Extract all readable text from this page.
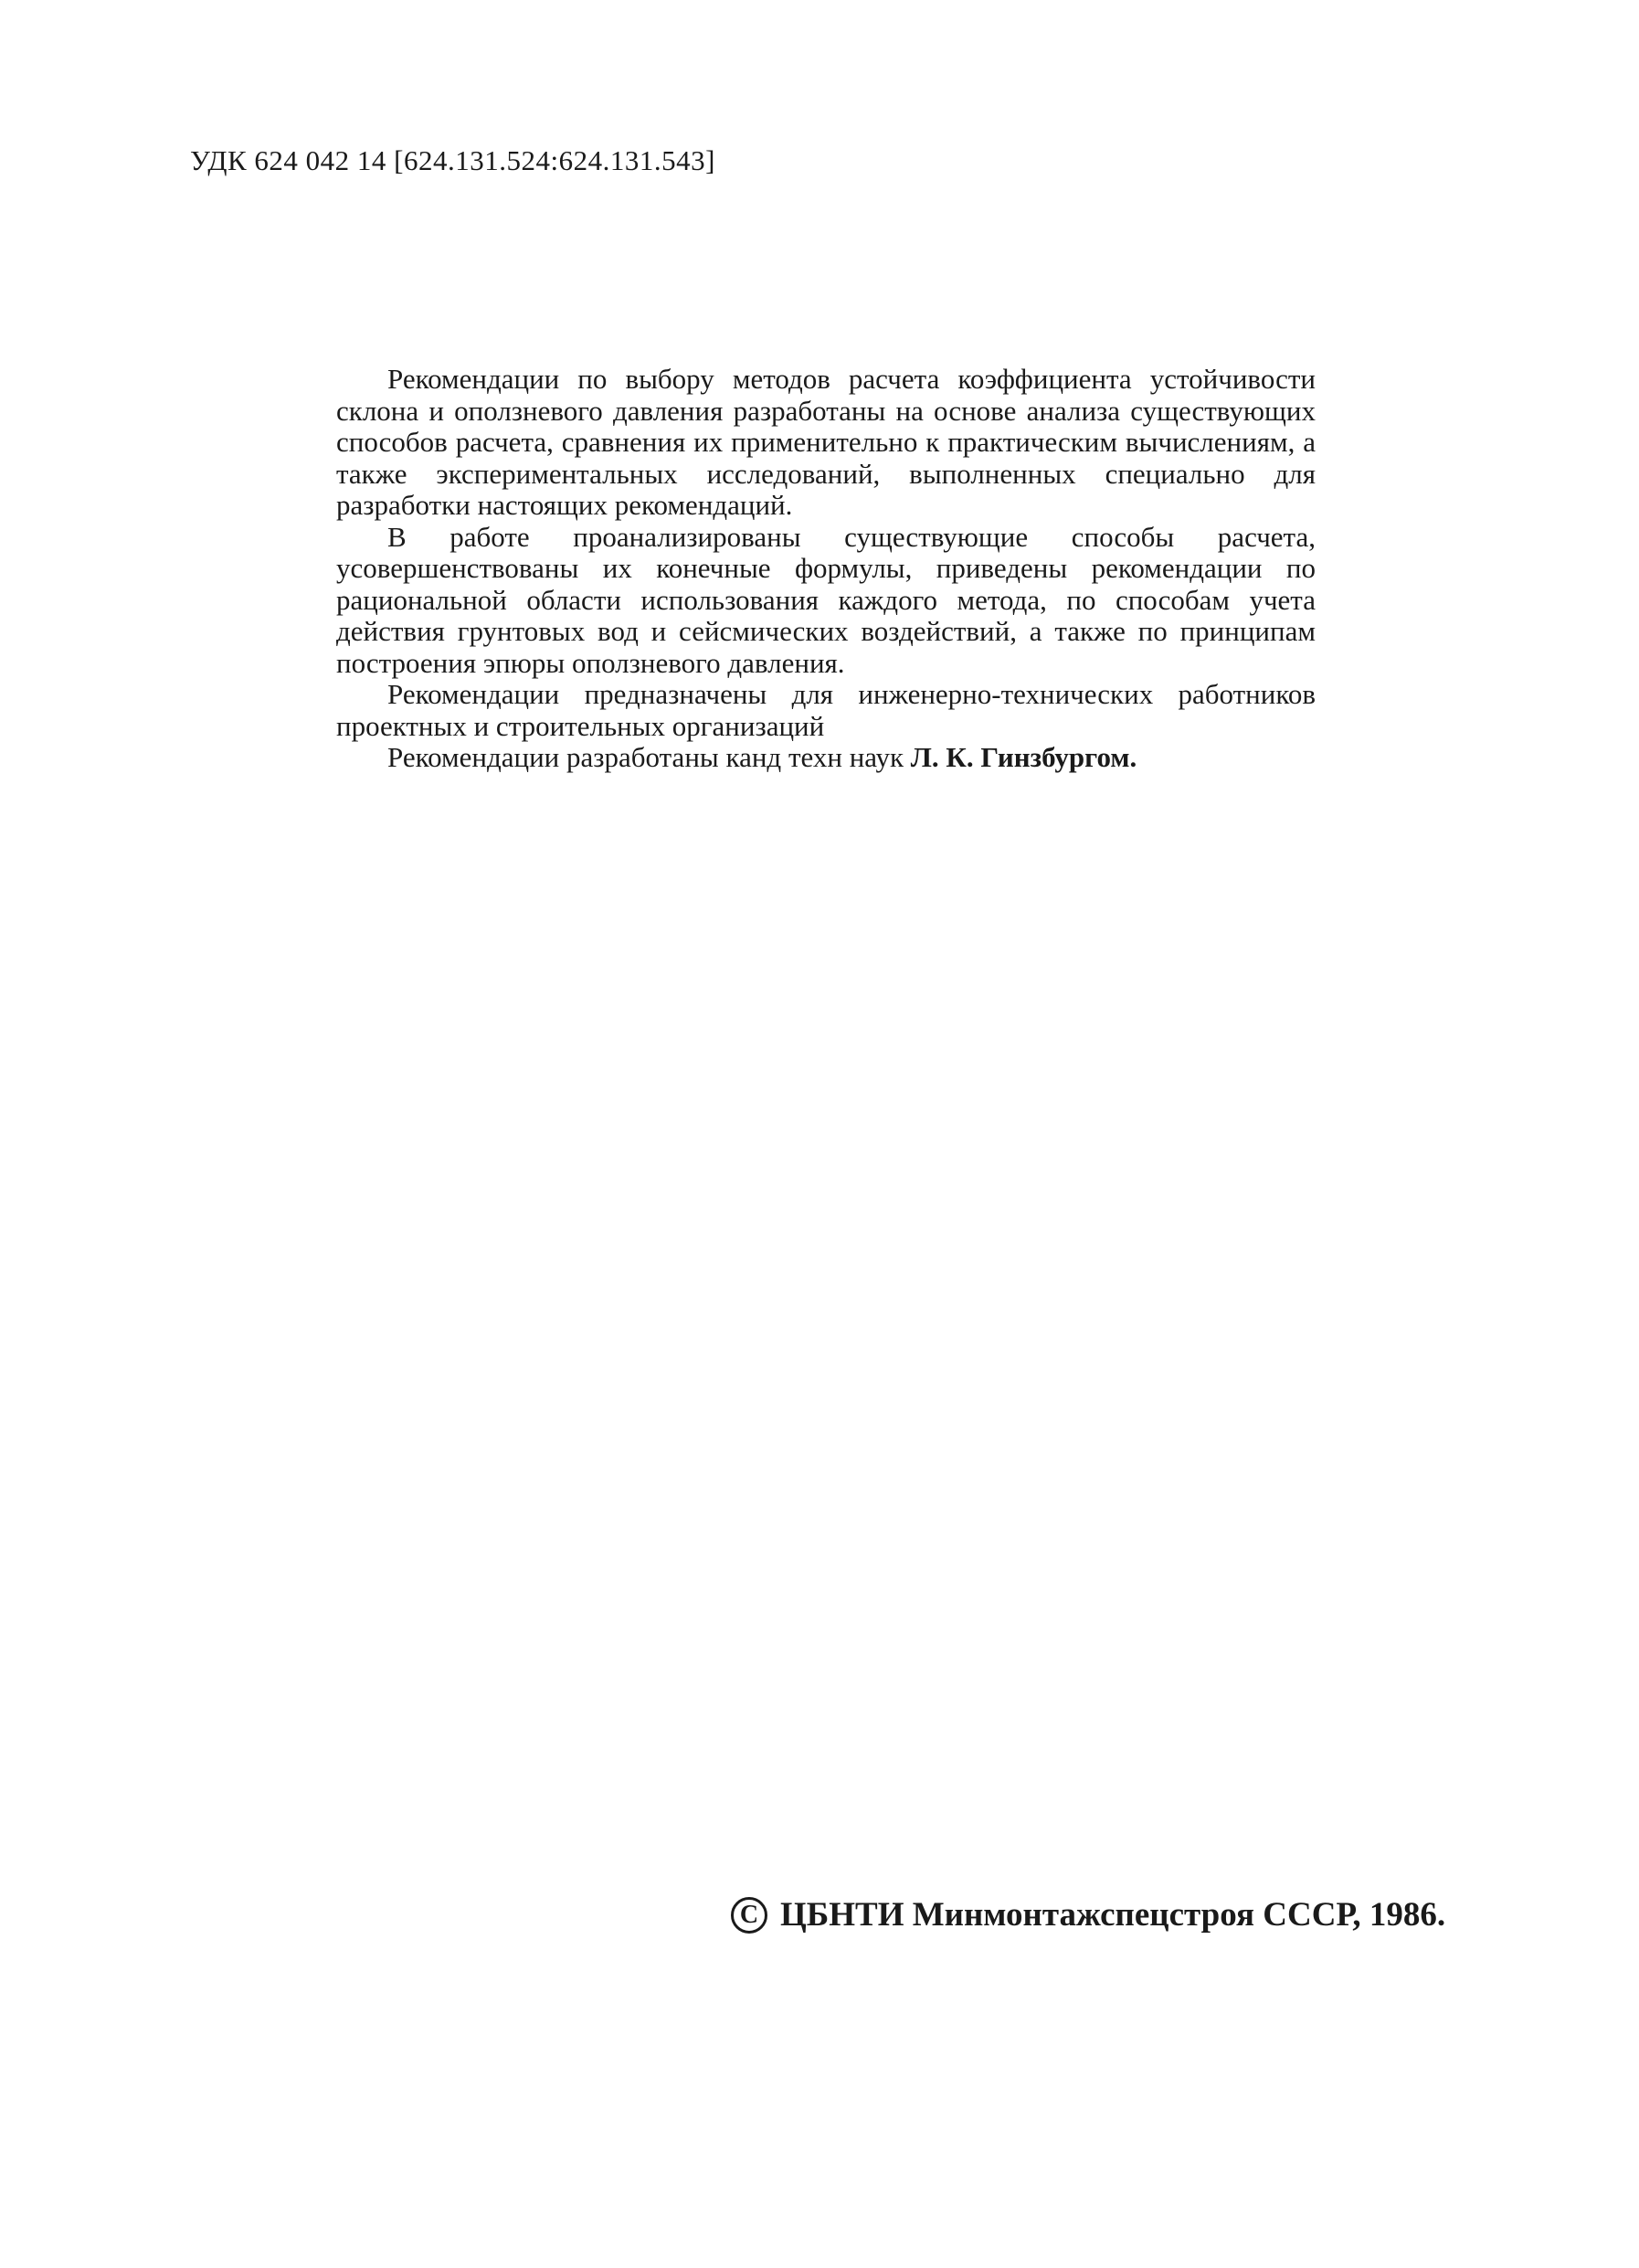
УДК 624 042 14 [624.131.524:624.131.543]

Рекомендации по выбору методов расчета коэффициента устойчивости склона и оползневого давления разработаны на основе анализа существующих способов расчета, сравнения их применительно к практическим вычислениям, а также экспериментальных исследований, выполненных специально для разработки настоящих рекомендаций.

В работе проанализированы существующие способы расчета, усовершенствованы их конечные формулы, приведены рекомендации по рациональной области использования каждого метода, по способам учета действия грунтовых вод и сейсмических воздействий, а также по принципам построения эпюры оползневого давления.

Рекомендации предназначены для инженерно-технических работников проектных и строительных организаций

Рекомендации разработаны канд техн наук Л. К. Гинзбургом.

C ЦБНТИ Минмонтажспецстроя СССР, 1986.
